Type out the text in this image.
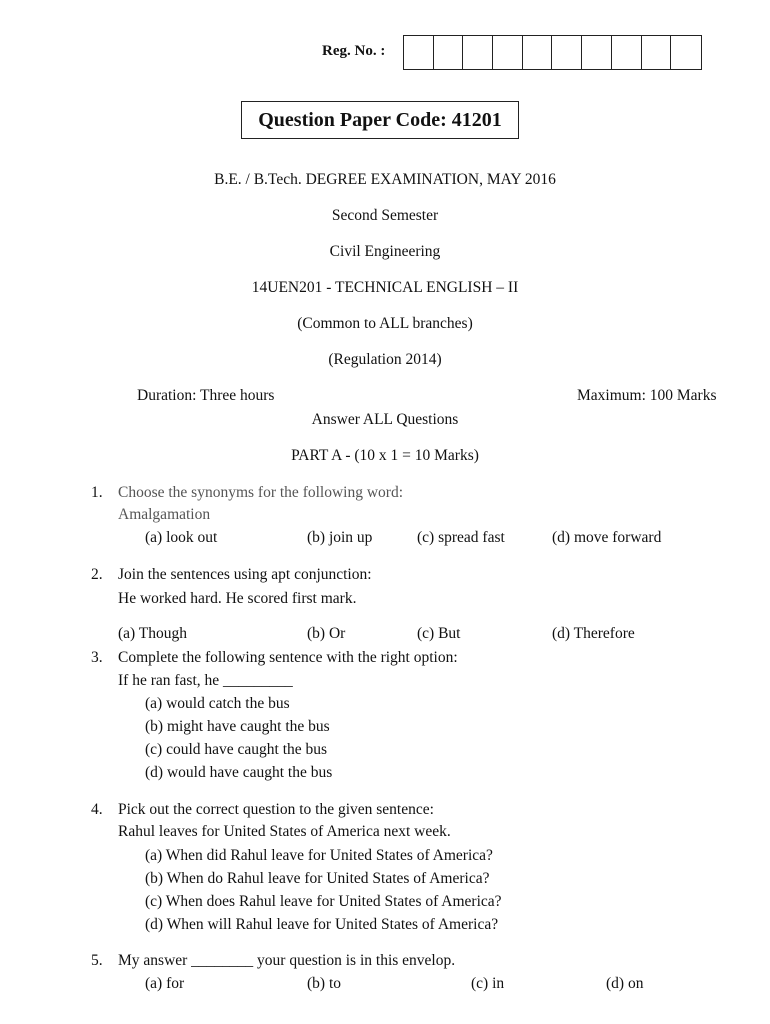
Reg. No. :
Question Paper Code: 41201
B.E. / B.Tech. DEGREE EXAMINATION, MAY 2016
Second Semester
Civil Engineering
14UEN201 - TECHNICAL ENGLISH – II
(Common to ALL branches)
(Regulation 2014)
Duration: Three hours	Maximum: 100 Marks
Answer ALL Questions
PART A - (10 x 1 = 10 Marks)
1. Choose the synonyms for the following word:
Amalgamation
(a) look out	(b) join up	(c) spread fast	(d) move forward
2. Join the sentences using apt conjunction:
He worked hard. He scored first mark.
(a) Though	(b) Or	(c) But	(d) Therefore
3. Complete the following sentence with the right option:
If he ran fast, he _________
(a) would catch the bus
(b) might have caught the bus
(c) could have caught the bus
(d) would have caught the bus
4. Pick out the correct question to the given sentence:
Rahul leaves for United States of America next week.
(a) When did Rahul leave for United States of America?
(b) When do Rahul leave for United States of America?
(c) When does Rahul leave for United States of America?
(d) When will Rahul leave for United States of America?
5. My answer ________ your question is in this envelop.
(a) for	(b) to	(c) in	(d) on
